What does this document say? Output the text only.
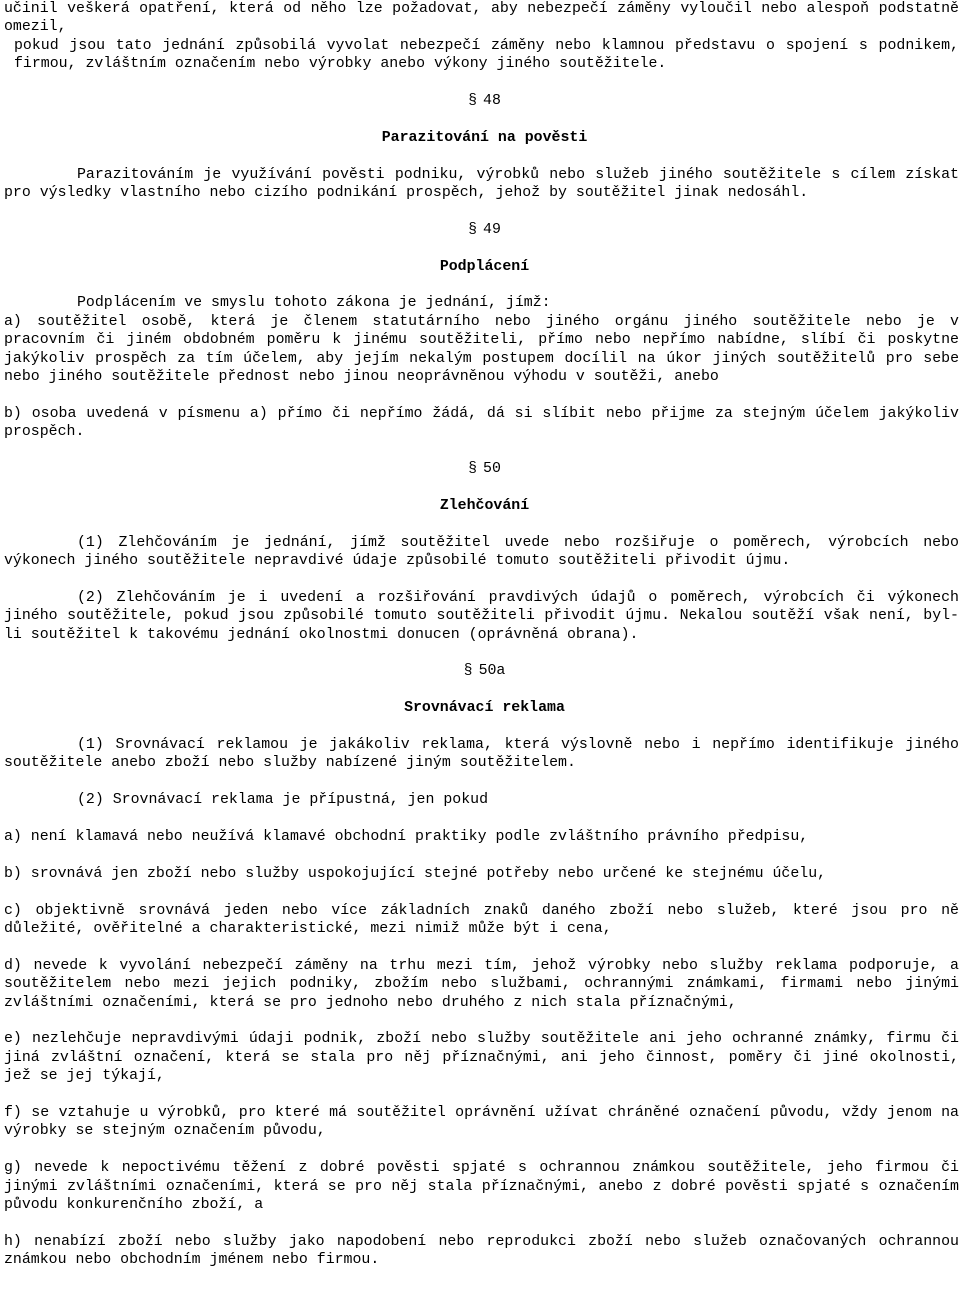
učinil veškerá opatření, která od něho lze požadovat, aby nebezpečí záměny vyloučil nebo alespoň podstatně omezil,

pokud jsou tato jednání způsobilá vyvolat nebezpečí záměny nebo klamnou představu o spojení s podnikem, firmou, zvláštním označením nebo výrobky anebo výkony jiného soutěžitele.

§ 48
Parazitování na pověsti

Parazitováním je využívání pověsti podniku, výrobků nebo služeb jiného soutěžitele s cílem získat pro výsledky vlastního nebo cizího podnikání prospěch, jehož by soutěžitel jinak nedosáhl.

§ 49
Podplácení

Podplácením ve smyslu tohoto zákona je jednání, jímž:

a) soutěžitel osobě, která je členem statutárního nebo jiného orgánu jiného soutěžitele nebo je v pracovním či jiném obdobném poměru k jinému soutěžiteli, přímo nebo nepřímo nabídne, slíbí či poskytne jakýkoliv prospěch za tím účelem, aby jejím nekalým postupem docílil na úkor jiných soutěžitelů pro sebe nebo jiného soutěžitele přednost nebo jinou neoprávněnou výhodu v soutěži, anebo

b) osoba uvedená v písmenu a) přímo či nepřímo žádá, dá si slíbit nebo přijme za stejným účelem jakýkoliv prospěch.

§ 50
Zlehčování

(1) Zlehčováním je jednání, jímž soutěžitel uvede nebo rozšiřuje o poměrech, výrobcích nebo výkonech jiného soutěžitele nepravdivé údaje způsobilé tomuto soutěžiteli přivodit újmu.

(2) Zlehčováním je i uvedení a rozšiřování pravdivých údajů o poměrech, výrobcích či výkonech jiného soutěžitele, pokud jsou způsobilé tomuto soutěžiteli přivodit újmu. Nekalou soutěží však není, byl-li soutěžitel k takovému jednání okolnostmi donucen (oprávněná obrana).

§ 50a
Srovnávací reklama

(1) Srovnávací reklamou je jakákoliv reklama, která výslovně nebo i nepřímo identifikuje jiného soutěžitele anebo zboží nebo služby nabízené jiným soutěžitelem.

(2) Srovnávací reklama je přípustná, jen pokud

a) není klamavá nebo neužívá klamavé obchodní praktiky podle zvláštního právního předpisu,

b) srovnává jen zboží nebo služby uspokojující stejné potřeby nebo určené ke stejnému účelu,

c) objektivně srovnává jeden nebo více základních znaků daného zboží nebo služeb, které jsou pro ně důležité, ověřitelné a charakteristické, mezi nimiž může být i cena,

d) nevede k vyvolání nebezpečí záměny na trhu mezi tím, jehož výrobky nebo služby reklama podporuje, a soutěžitelem nebo mezi jejich podniky, zbožím nebo službami, ochrannými známkami, firmami nebo jinými zvláštními označeními, která se pro jednoho nebo druhého z nich stala příznačnými,

e) nezlehčuje nepravdivými údaji podnik, zboží nebo služby soutěžitele ani jeho ochranné známky, firmu či jiná zvláštní označení, která se stala pro něj příznačnými, ani jeho činnost, poměry či jiné okolnosti, jež se jej týkají,

f) se vztahuje u výrobků, pro které má soutěžitel oprávnění užívat chráněné označení původu, vždy jenom na výrobky se stejným označením původu,

g) nevede k nepoctivému těžení z dobré pověsti spjaté s ochrannou známkou soutěžitele, jeho firmou či jinými zvláštními označeními, která se pro něj stala příznačnými, anebo z dobré pověsti spjaté s označením původu konkurenčního zboží, a

h) nenabízí zboží nebo služby jako napodobení nebo reprodukci zboží nebo služeb označovaných ochrannou známkou nebo obchodním jménem nebo firmou.
